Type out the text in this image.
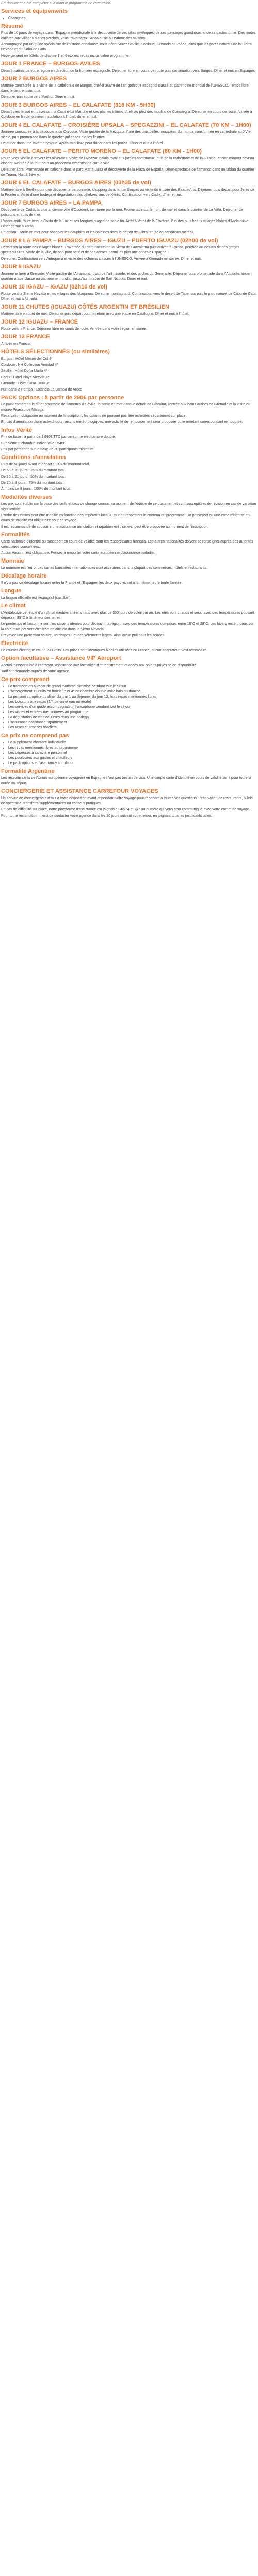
Ce document a été compléter à la main le programme de l'excursion.

Services et équipements
• Consignes
Résumé

Plus de 10 jours de voyage dans l'Espagne méridionale à la découverte de ses villes mythiques, de ses paysages grandioses et de sa gastronomie. Des routes côtières aux villages blancs perchés, vous traverserez l'Andalousie au rythme des saisons.

Accompagné par un guide spécialiste de l'histoire andalouse, vous découvrirez Séville, Cordoue, Grenade et Ronda, ainsi que les parcs naturels de la Sierra Nevada et du Cabo de Gata.

Hébergement en hôtels de charme 3 et 4 étoiles, repas inclus selon programme.

JOUR 1 FRANCE – BURGOS-AVILES

Départ matinal de votre région en direction de la frontière espagnole. Déjeuner libre en cours de route puis continuation vers Burgos. Dîner et nuit en Espagne.

JOUR 2 BURGOS AIRES

Matinée consacrée à la visite de la cathédrale de Burgos, chef-d'œuvre de l'art gothique espagnol classé au patrimoine mondial de l'UNESCO. Temps libre dans le centre historique.

Déjeuner puis route vers Madrid. Dîner et nuit.

JOUR 3 BURGOS AIRES – EL CALAFATE (316 KM - 5H30)

Départ vers le sud en traversant la Castille-La Manche et ses plaines infinies. Arrêt au pied des moulins de Consuegra. Déjeuner en cours de route. Arrivée à Cordoue en fin de journée, installation à l'hôtel, dîner et nuit.

JOUR 4 EL CALAFATE – CROISIÈRE UPSALA – SPEGAZZINI – EL CALAFATE (70 KM – 1H00)

Journée consacrée à la découverte de Cordoue. Visite guidée de la Mezquita, l'une des plus belles mosquées du monde transformée en cathédrale au XVIe siècle, puis promenade dans le quartier juif et ses ruelles fleuries.

Déjeuner dans une taverne typique. Après-midi libre pour flâner dans les patios. Dîner et nuit à l'hôtel.

JOUR 5 EL CALAFATE – PERITO MORENO – EL CALAFATE (80 KM - 1H00)

Route vers Séville à travers les oliveraies. Visite de l'Alcazar, palais royal aux jardins somptueux, puis de la cathédrale et de la Giralda, ancien minaret devenu clocher. Montée à la tour pour un panorama exceptionnel sur la ville.

Déjeuner libre. Promenade en calèche dans le parc María Luisa et découverte de la Plaza de España. Dîner-spectacle de flamenco dans un tablao du quartier de Triana. Nuit à Séville.

JOUR 6 EL CALAFATE – BURGOS AIRES (03h35 de vol)

Matinée libre à Séville pour une découverte personnelle, shopping dans la rue Sierpes ou visite du musée des Beaux-Arts. Déjeuner puis départ pour Jerez de la Frontera. Visite d'une bodega et dégustation des célèbres vins de Xérès. Continuation vers Cadix, dîner et nuit.

JOUR 7 BURGOS AIRES – LA PAMPA

Découverte de Cadix, la plus ancienne ville d'Occident, ceinturée par la mer. Promenade sur le front de mer et dans le quartier de La Viña. Déjeuner de poissons et fruits de mer.

L'après-midi, route vers la Costa de la Luz et ses longues plages de sable fin. Arrêt à Vejer de la Frontera, l'un des plus beaux villages blancs d'Andalousie. Dîner et nuit à Tarifa.

En option : sortie en mer pour observer les dauphins et les baleines dans le détroit de Gibraltar (selon conditions météo).

JOUR 8 LA PAMPA – BURGOS AIRES – IGUZU – PUERTO IGUAZU (02h00 de vol)

Départ par la route des villages blancs. Traversée du parc naturel de la Sierra de Grazalema puis arrivée à Ronda, perchée au-dessus de ses gorges spectaculaires. Visite de la ville, de son pont neuf et de ses arènes parmi les plus anciennes d'Espagne.

Déjeuner. Continuation vers Antequera et visite des dolmens classés à l'UNESCO. Arrivée à Grenade en soirée. Dîner et nuit.

JOUR 9 IGAZU

Journée entière à Grenade. Visite guidée de l'Alhambra, joyau de l'art nasride, et des jardins du Generalife. Déjeuner puis promenade dans l'Albaicín, ancien quartier arabe classé au patrimoine mondial, jusqu'au mirador de San Nicolás. Dîner et nuit.

JOUR 10 IGAZU – IGAZU (02h10 de vol)

Route vers la Sierra Nevada et les villages des Alpujarras. Déjeuner montagnard. Continuation vers le désert de Tabernas puis le parc naturel de Cabo de Gata. Dîner et nuit à Almería.

JOUR 11 CHUTES (IGUAZU) CÔTÉS ARGENTIN ET BRÉSILIEN

Matinée libre en bord de mer. Déjeuner puis départ pour le retour avec une étape en Catalogne. Dîner et nuit à l'hôtel.

JOUR 12 IGUAZU – FRANCE

Route vers la France. Déjeuner libre en cours de route. Arrivée dans votre région en soirée.

JOUR 13 FRANCE

Arrivée en France.

HÔTELS SÉLECTIONNÉS (ou similaires)

Burgos : Hôtel Meson del Cid 4*

Cordoue : NH Collection Amistad 4*

Séville : Hôtel Doña María 4*

Cadix : Hôtel Playa Victoria 4*

Grenade : Hôtel Casa 1800 3*

Nuit dans la Pampa : Estancia La Bamba de Areco

PACK Options : à partir de 290€ par personne

Le pack comprend le dîner-spectacle de flamenco à Séville, la sortie en mer dans le détroit de Gibraltar, l'entrée aux bains arabes de Grenade et la visite du musée Picasso de Málaga.

Réservation obligatoire au moment de l'inscription ; les options ne peuvent pas être achetées séparément sur place.

En cas d'annulation d'une activité pour raisons météorologiques, une activité de remplacement sera proposée ou le montant correspondant remboursé.

Infos Vérité

Prix de base : à partir de 2 690€ TTC par personne en chambre double.

Supplément chambre individuelle : 540€.

Prix par personne sur la base de 30 participants minimum.

Conditions d'annulation

Plus de 60 jours avant le départ : 10% du montant total.

De 60 à 31 jours : 25% du montant total.

De 30 à 21 jours : 50% du montant total.

De 20 à 8 jours : 75% du montant total.

À moins de 8 jours : 100% du montant total.

Modalités diverses

Les prix sont établis sur la base des tarifs et taux de change connus au moment de l'édition de ce document et sont susceptibles de révision en cas de variation significative.

L'ordre des visites peut être modifié en fonction des impératifs locaux, tout en respectant le contenu du programme. Un passeport ou une carte d'identité en cours de validité est obligatoire pour ce voyage.

Il est recommandé de souscrire une assurance annulation et rapatriement ; celle-ci peut être proposée au moment de l'inscription.

Formalités

Carte nationale d'identité ou passeport en cours de validité pour les ressortissants français. Les autres nationalités doivent se renseigner auprès des autorités consulaires concernées.

Aucun vaccin n'est obligatoire. Pensez à emporter votre carte européenne d'assurance maladie.

Monnaie

La monnaie est l'euro. Les cartes bancaires internationales sont acceptées dans la plupart des commerces, hôtels et restaurants.

Décalage horaire

Il n'y a pas de décalage horaire entre la France et l'Espagne, les deux pays vivant à la même heure toute l'année.

Langue

La langue officielle est l'espagnol (castillan).

Le climat

L'Andalousie bénéficie d'un climat méditerranéen chaud avec plus de 300 jours de soleil par an. Les étés sont chauds et secs, avec des températures pouvant dépasser 35°C à l'intérieur des terres.

Le printemps et l'automne sont les saisons idéales pour découvrir la région, avec des températures comprises entre 18°C et 28°C. Les hivers restent doux sur la côte mais peuvent être frais en altitude dans la Sierra Nevada.

Prévoyez une protection solaire, un chapeau et des vêtements légers, ainsi qu'un pull pour les soirées.

Électricité

Le courant électrique est de 230 volts. Les prises sont identiques à celles utilisées en France, aucun adaptateur n'est nécessaire.

Option facultative – Assistance VIP Aéroport

Accueil personnalisé à l'aéroport, assistance aux formalités d'enregistrement et accès aux salons privés selon disponibilité.

Tarif sur demande auprès de votre agence.

Ce prix comprend
• Le transport en autocar de grand tourisme climatisé pendant tout le circuit
• L'hébergement 12 nuits en hôtels 3* et 4* en chambre double avec bain ou douche
• La pension complète du dîner du jour 1 au déjeuner du jour 13, hors repas mentionnés libres
• Les boissons aux repas (1/4 de vin et eau minérale)
• Les services d'un guide accompagnateur francophone pendant tout le séjour
• Les visites et entrées mentionnées au programme
• La dégustation de vins de Xérès dans une bodega
• L'assurance assistance rapatriement
• Les taxes et services hôteliers
Ce prix ne comprend pas
• Le supplément chambre individuelle
• Les repas mentionnés libres au programme
• Les dépenses à caractère personnel
• Les pourboires aux guides et chauffeurs
• Le pack options et l'assurance annulation
Formalité Argentine

Les ressortissants de l'Union européenne voyageant en Espagne n'ont pas besoin de visa. Une simple carte d'identité en cours de validité suffit pour toute la durée du séjour.

CONCIERGERIE ET ASSISTANCE CARREFOUR VOYAGES

Un service de conciergerie est mis à votre disposition avant et pendant votre voyage pour répondre à toutes vos questions : réservation de restaurants, billets de spectacle, transferts supplémentaires ou conseils pratiques.

En cas de difficulté sur place, notre plateforme d'assistance est joignable 24h/24 et 7j/7 au numéro qui vous sera communiqué avec votre carnet de voyage.

Pour toute réclamation, merci de contacter votre agence dans les 30 jours suivant votre retour, en joignant tous les justificatifs utiles.
